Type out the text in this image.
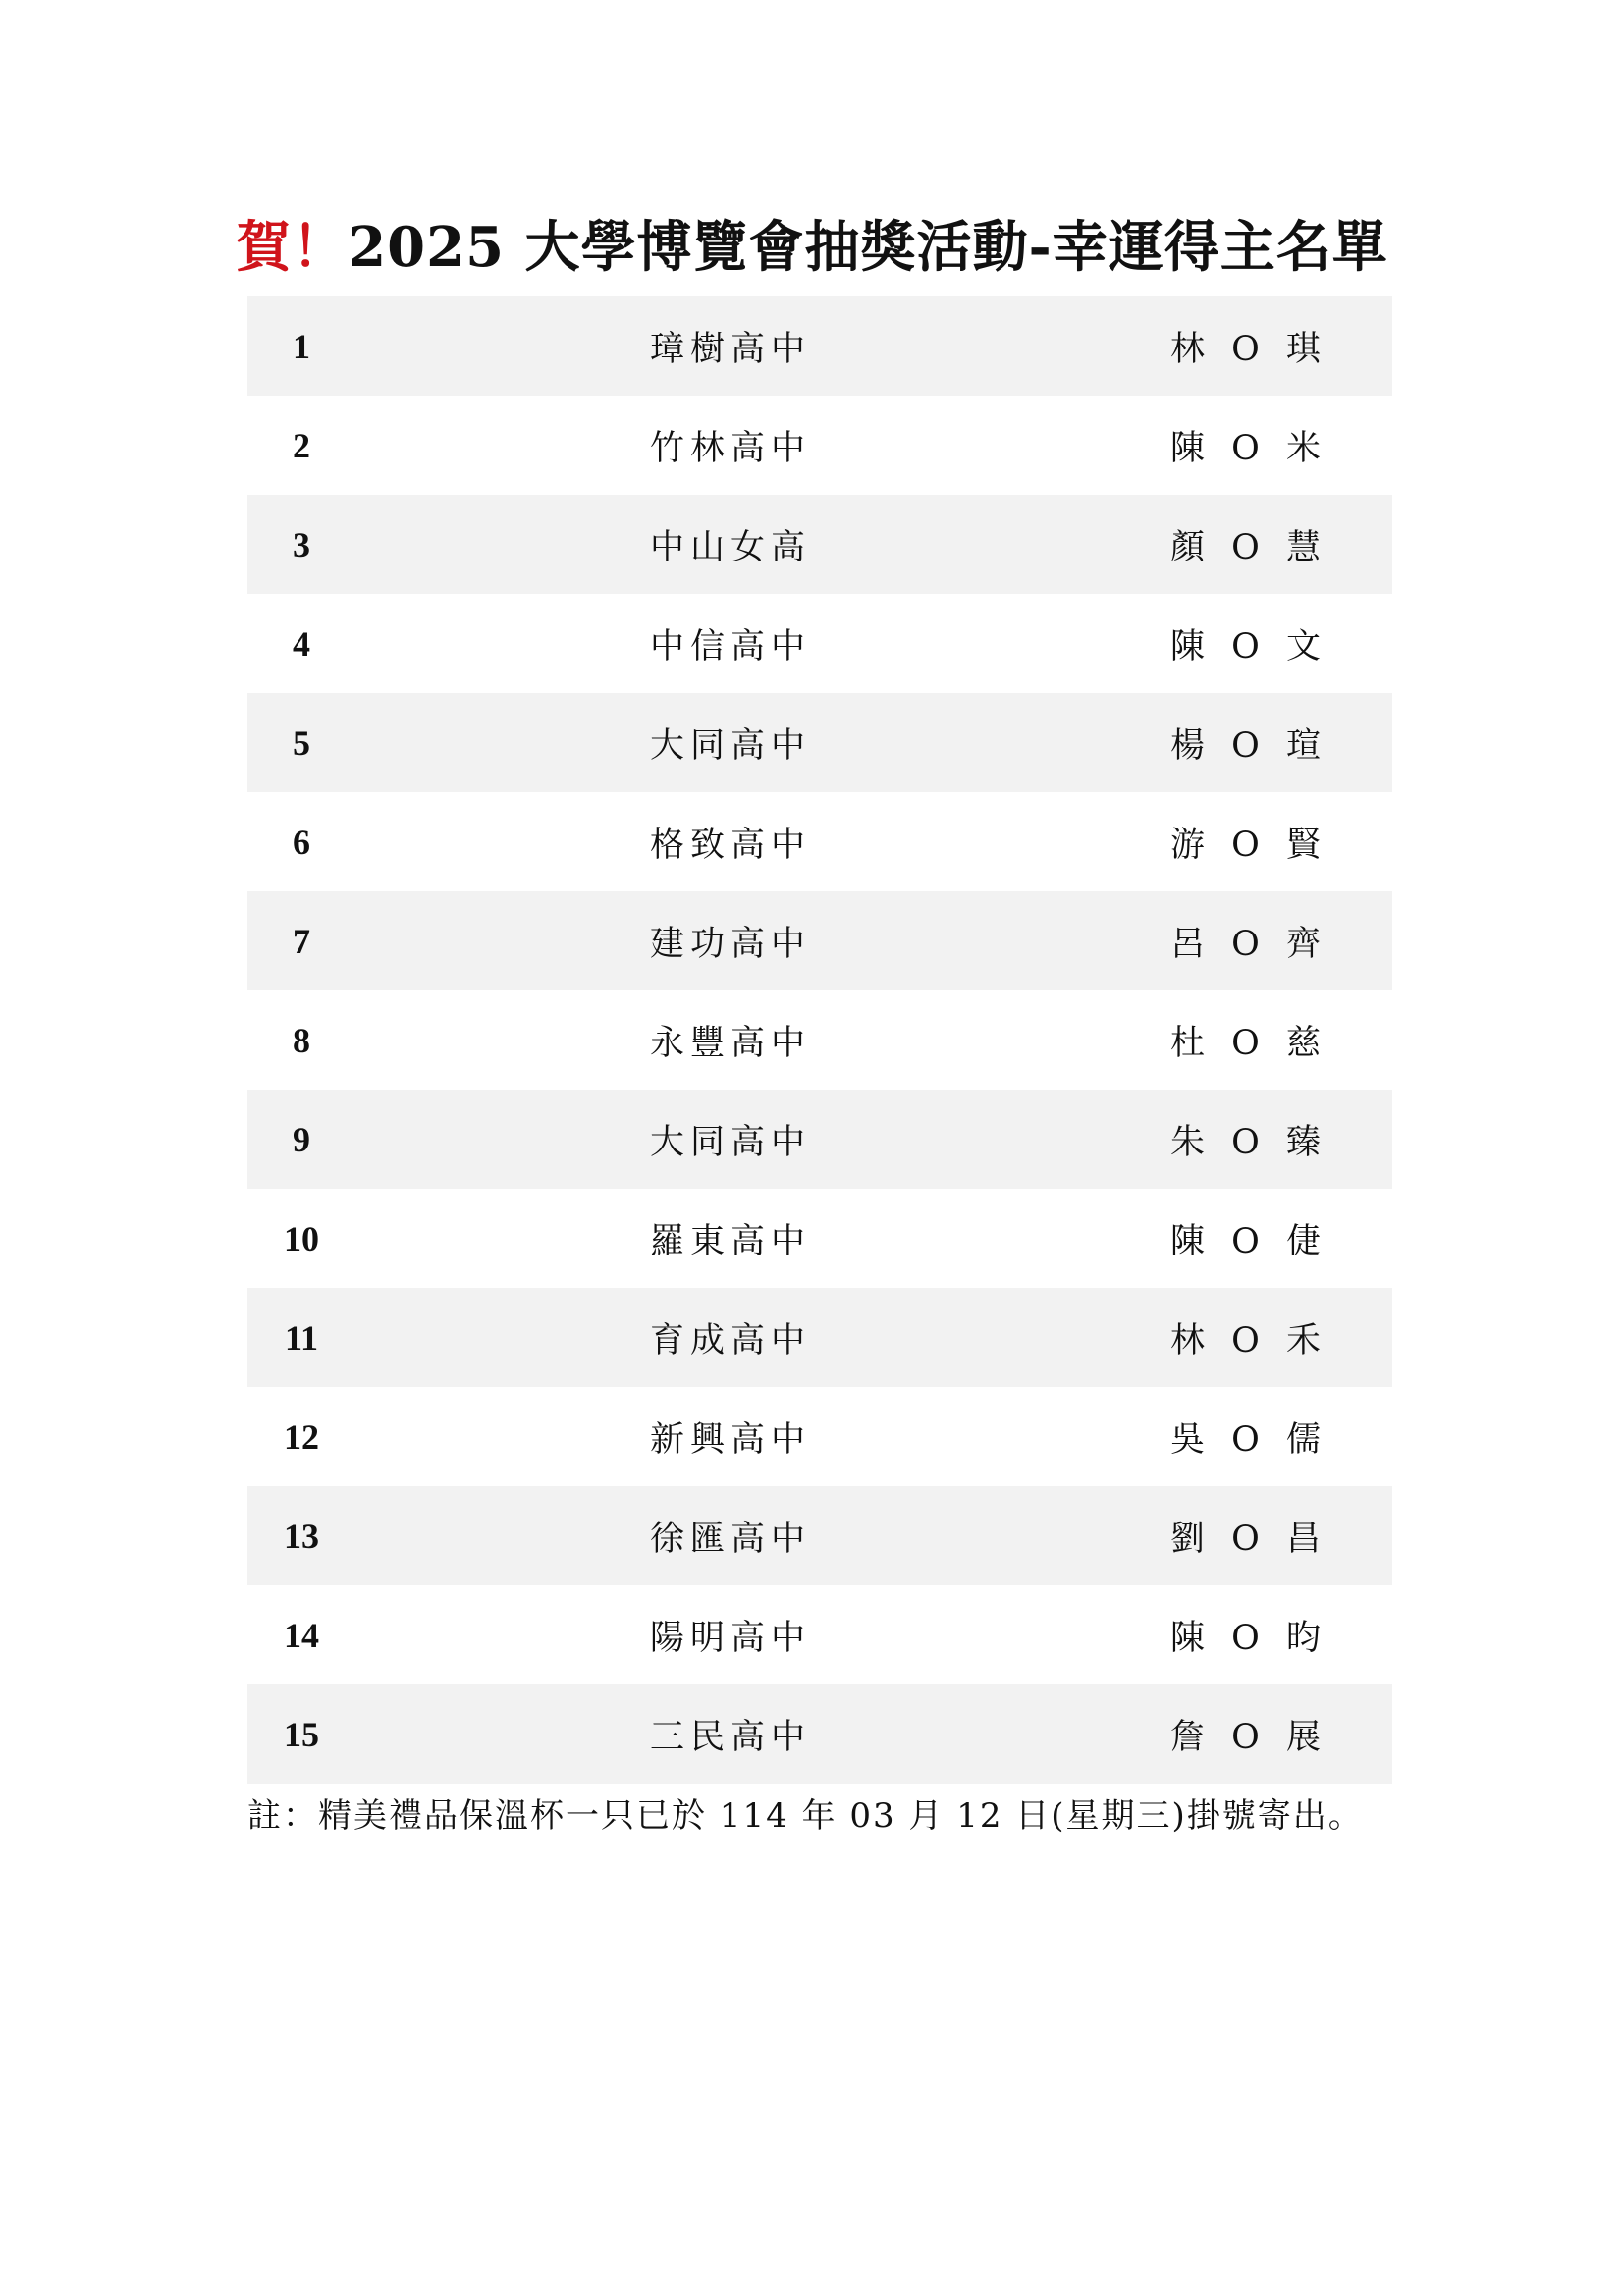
賀！2025 大學博覽會抽獎活動-幸運得主名單
1	璋樹高中	林 O 琪
2	竹林高中	陳 O 米
3	中山女高	顏 O 慧
4	中信高中	陳 O 文
5	大同高中	楊 O 瑄
6	格致高中	游 O 賢
7	建功高中	呂 O 齊
8	永豐高中	杜 O 慈
9	大同高中	朱 O 臻
10	羅東高中	陳 O 倢
11	育成高中	林 O 禾
12	新興高中	吳 O 儒
13	徐匯高中	劉 O 昌
14	陽明高中	陳 O 昀
15	三民高中	詹 O 展
註：精美禮品保溫杯一只已於 114 年 03 月 12 日(星期三)掛號寄出。
